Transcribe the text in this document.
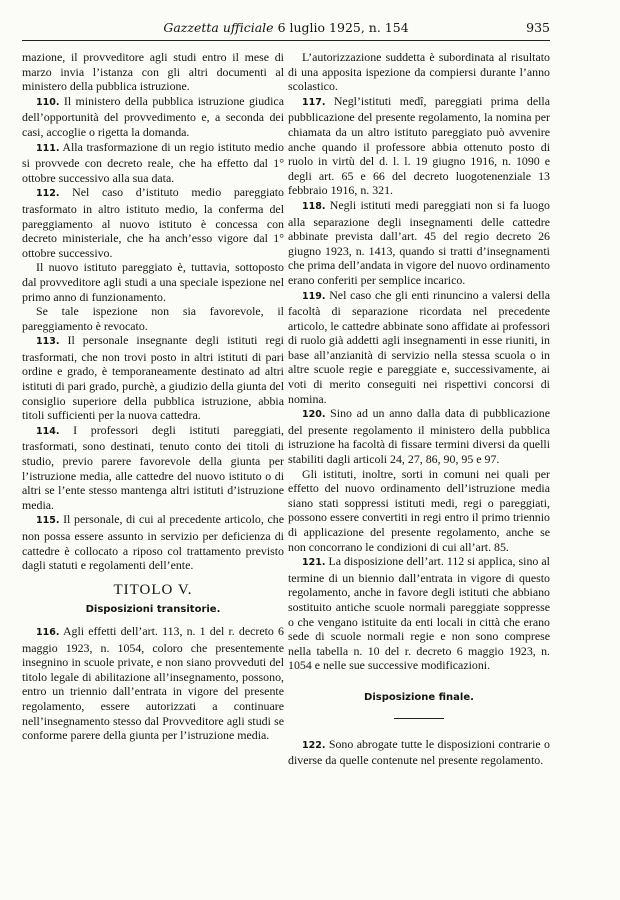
Gazzetta ufficiale 6 luglio 1925, n. 154	935

mazione, il provveditore agli studi entro il mese di marzo invia l’istanza con gli altri documenti al ministero della pubblica istruzione.

110. Il ministero della pubblica istruzione giudica dell’opportunità del provvedimento e, a seconda dei casi, accoglie o rigetta la domanda.

111. Alla trasformazione di un regio istituto medio si provvede con decreto reale, che ha effetto dal 1° ottobre successivo alla sua data.

112. Nel caso d’istituto medio pareggiato trasformato in altro istituto medio, la conferma del pareggiamento al nuovo istituto è concessa con decreto ministeriale, che ha anch’esso vigore dal 1° ottobre successivo.

Il nuovo istituto pareggiato è, tuttavia, sottoposto dal provveditore agli studi a una speciale ispezione nel primo anno di funzionamento.

Se tale ispezione non sia favorevole, il pareggiamento è revocato.

113. Il personale insegnante degli istituti regi trasformati, che non trovi posto in altri istituti di pari ordine e grado, è temporaneamente destinato ad altri istituti di pari grado, purchè, a giudizio della giunta del consiglio superiore della pubblica istruzione, abbia titoli sufficienti per la nuova cattedra.

114. I professori degli istituti pareggiati, trasformati, sono destinati, tenuto conto dei titoli di studio, previo parere favorevole della giunta per l’istruzione media, alle cattedre del nuovo istituto o di altri se l’ente stesso mantenga altri istituti d’istruzione media.

115. Il personale, di cui al precedente articolo, che non possa essere assunto in servizio per deficienza di cattedre è collocato a riposo col trattamento previsto dagli statuti e regolamenti dell’ente.

TITOLO V.

Disposizioni transitorie.

116. Agli effetti dell’art. 113, n. 1 del r. decreto 6 maggio 1923, n. 1054, coloro che presentemente insegnino in scuole private, e non siano provveduti del titolo legale di abilitazione all’insegnamento, possono, entro un triennio dall’entrata in vigore del presente regolamento, essere autorizzati a continuare nell’insegnamento stesso dal Provveditore agli studi se conforme parere della giunta per l’istruzione media.

L’autorizzazione suddetta è subordinata al risultato di una apposita ispezione da compiersi durante l’anno scolastico.

117. Negl’istituti medî, pareggiati prima della pubblicazione del presente regolamento, la nomina per chiamata da un altro istituto pareggiato può avvenire anche quando il professore abbia ottenuto posto di ruolo in virtù del d. l. l. 19 giugno 1916, n. 1090 e degli art. 65 e 66 del decreto luogotenenziale 13 febbraio 1916, n. 321.

118. Negli istituti medi pareggiati non si fa luogo alla separazione degli insegnamenti delle cattedre abbinate prevista dall’art. 45 del regio decreto 26 giugno 1923, n. 1413, quando si tratti d’insegnamenti che prima dell’andata in vigore del nuovo ordinamento erano conferiti per semplice incarico.

119. Nel caso che gli enti rinuncino a valersi della facoltà di separazione ricordata nel precedente articolo, le cattedre abbinate sono affidate ai professori di ruolo già addetti agli insegnamenti in esse riuniti, in base all’anzianità di servizio nella stessa scuola o in altre scuole regie e pareggiate e, successivamente, ai voti di merito conseguiti nei rispettivi concorsi di nomina.

120. Sino ad un anno dalla data di pubblicazione del presente regolamento il ministero della pubblica istruzione ha facoltà di fissare termini diversi da quelli stabiliti dagli articoli 24, 27, 86, 90, 95 e 97.

Gli istituti, inoltre, sorti in comuni nei quali per effetto del nuovo ordinamento dell’istruzione media siano stati soppressi istituti medi, regi o pareggiati, possono essere convertiti in regi entro il primo triennio di applicazione del presente regolamento, anche se non concorrano le condizioni di cui all’art. 85.

121. La disposizione dell’art. 112 si applica, sino al termine di un biennio dall’entrata in vigore di questo regolamento, anche in favore degli istituti che abbiano sostituito antiche scuole normali pareggiate soppresse o che vengano istituite da enti locali in città che erano sede di scuole normali regie e non sono comprese nella tabella n. 10 del r. decreto 6 maggio 1923, n. 1054 e nelle sue successive modificazioni.

Disposizione finale.

122. Sono abrogate tutte le disposizioni contrarie o diverse da quelle contenute nel presente regolamento.
